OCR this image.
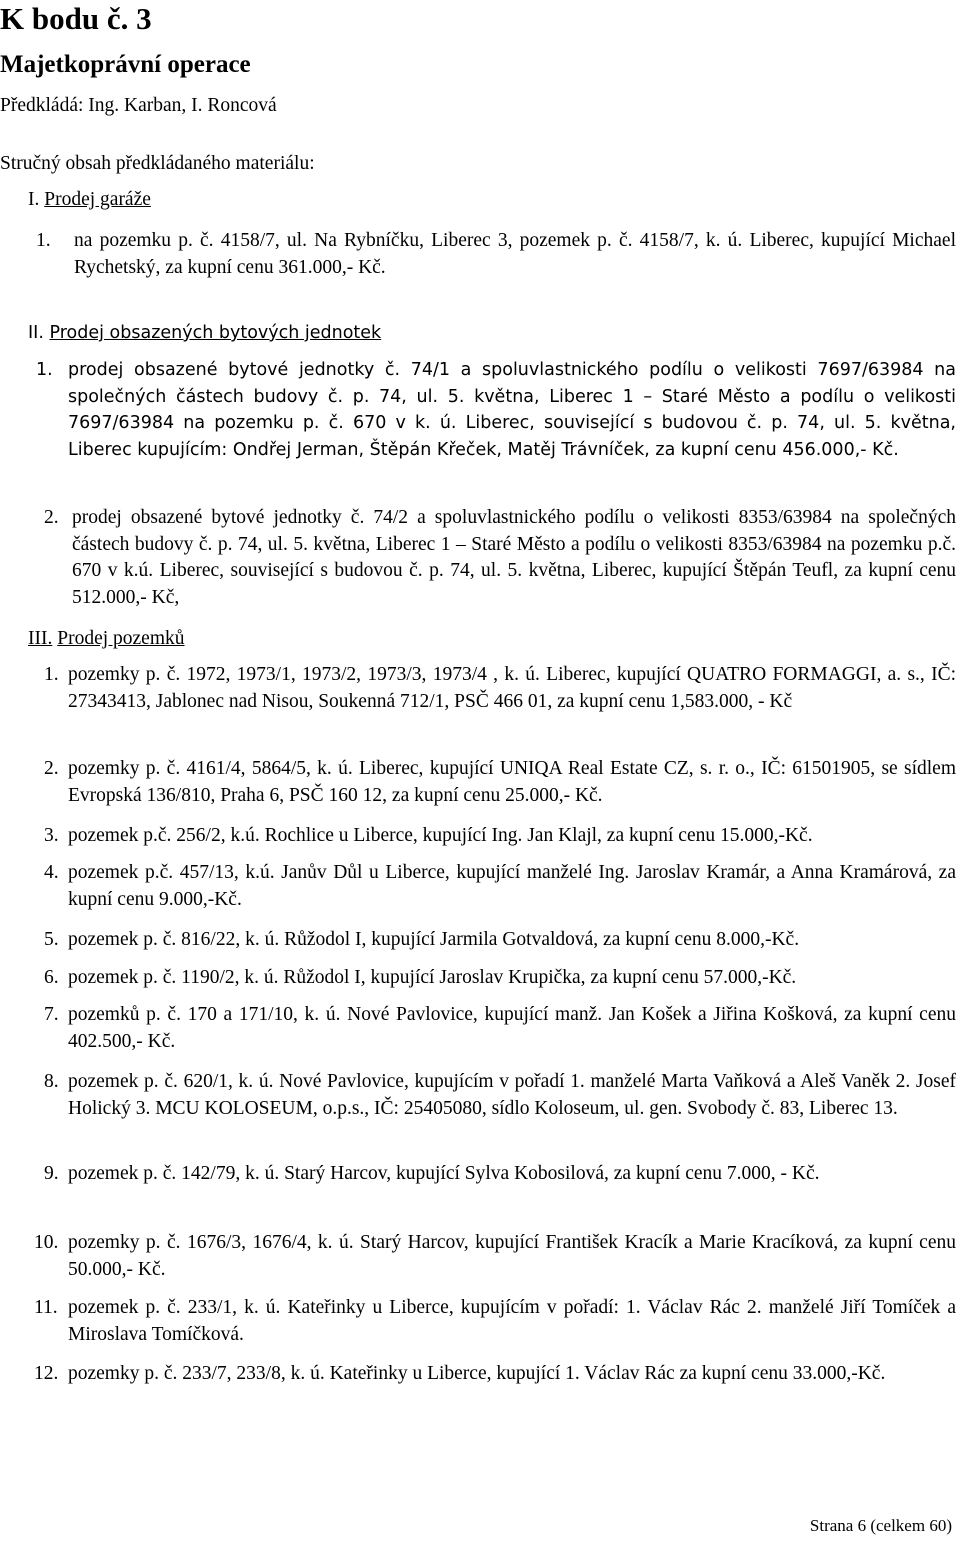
K bodu č. 3
Majetkoprávní operace
Předkládá: Ing. Karban, I. Roncová
Stručný obsah předkládaného materiálu:
I. Prodej garáže
1. na pozemku p. č. 4158/7, ul. Na Rybníčku, Liberec 3, pozemek p. č. 4158/7, k. ú. Liberec, kupující Michael Rychetský, za kupní cenu 361.000,- Kč.
II. Prodej obsazených bytových jednotek
1. prodej obsazené bytové jednotky č. 74/1 a spoluvlastnického podílu o velikosti 7697/63984 na společných částech budovy č. p. 74, ul. 5. května, Liberec 1 – Staré Město a podílu o velikosti 7697/63984 na pozemku p. č. 670 v k. ú. Liberec, související s budovou č. p. 74, ul. 5. května, Liberec kupujícím: Ondřej Jerman, Štěpán Křeček, Matěj Trávníček, za kupní cenu 456.000,- Kč.
2. prodej obsazené bytové jednotky č. 74/2 a spoluvlastnického podílu o velikosti 8353/63984 na společných částech budovy č. p. 74, ul. 5. května, Liberec 1 – Staré Město a podílu o velikosti 8353/63984 na pozemku p.č. 670 v k.ú. Liberec, související s budovou č. p. 74, ul. 5. května, Liberec, kupující Štěpán Teufl, za kupní cenu 512.000,- Kč,
III. Prodej pozemků
1. pozemky p. č. 1972, 1973/1, 1973/2, 1973/3, 1973/4 , k. ú. Liberec, kupující QUATRO FORMAGGI, a. s., IČ: 27343413, Jablonec nad Nisou, Soukenná 712/1, PSČ 466 01, za kupní cenu 1,583.000, - Kč
2. pozemky p. č. 4161/4, 5864/5, k. ú. Liberec, kupující UNIQA Real Estate CZ, s. r. o., IČ: 61501905, se sídlem Evropská 136/810, Praha 6, PSČ 160 12, za kupní cenu 25.000,- Kč.
3. pozemek p.č. 256/2, k.ú. Rochlice u Liberce, kupující Ing. Jan Klajl, za kupní cenu 15.000,-Kč.
4. pozemek p.č. 457/13, k.ú. Janův Důl u Liberce, kupující manželé Ing. Jaroslav Kramár, a Anna Kramárová, za kupní cenu 9.000,-Kč.
5. pozemek p. č. 816/22, k. ú. Růžodol I, kupující Jarmila Gotvaldová, za kupní cenu 8.000,-Kč.
6. pozemek p. č. 1190/2, k. ú. Růžodol I, kupující Jaroslav Krupička, za kupní cenu 57.000,-Kč.
7. pozemků p. č. 170 a 171/10, k. ú. Nové Pavlovice, kupující manž. Jan Košek a Jiřina Košková, za kupní cenu 402.500,- Kč.
8. pozemek p. č. 620/1, k. ú. Nové Pavlovice, kupujícím v pořadí 1. manželé Marta Vaňková a Aleš Vaněk 2. Josef Holický 3. MCU KOLOSEUM, o.p.s., IČ: 25405080, sídlo Koloseum, ul. gen. Svobody č. 83, Liberec 13.
9. pozemek p. č. 142/79, k. ú. Starý Harcov, kupující Sylva Kobosilová, za kupní cenu 7.000, - Kč.
10. pozemky p. č. 1676/3, 1676/4, k. ú. Starý Harcov, kupující František Kracík a Marie Kracíková, za kupní cenu 50.000,- Kč.
11. pozemek p. č. 233/1, k. ú. Kateřinky u Liberce, kupujícím v pořadí: 1. Václav Rác 2. manželé Jiří Tomíček a Miroslava Tomíčková.
12. pozemky p. č. 233/7, 233/8, k. ú. Kateřinky u Liberce, kupující 1. Václav Rác za kupní cenu 33.000,-Kč.
Strana 6 (celkem 60)
